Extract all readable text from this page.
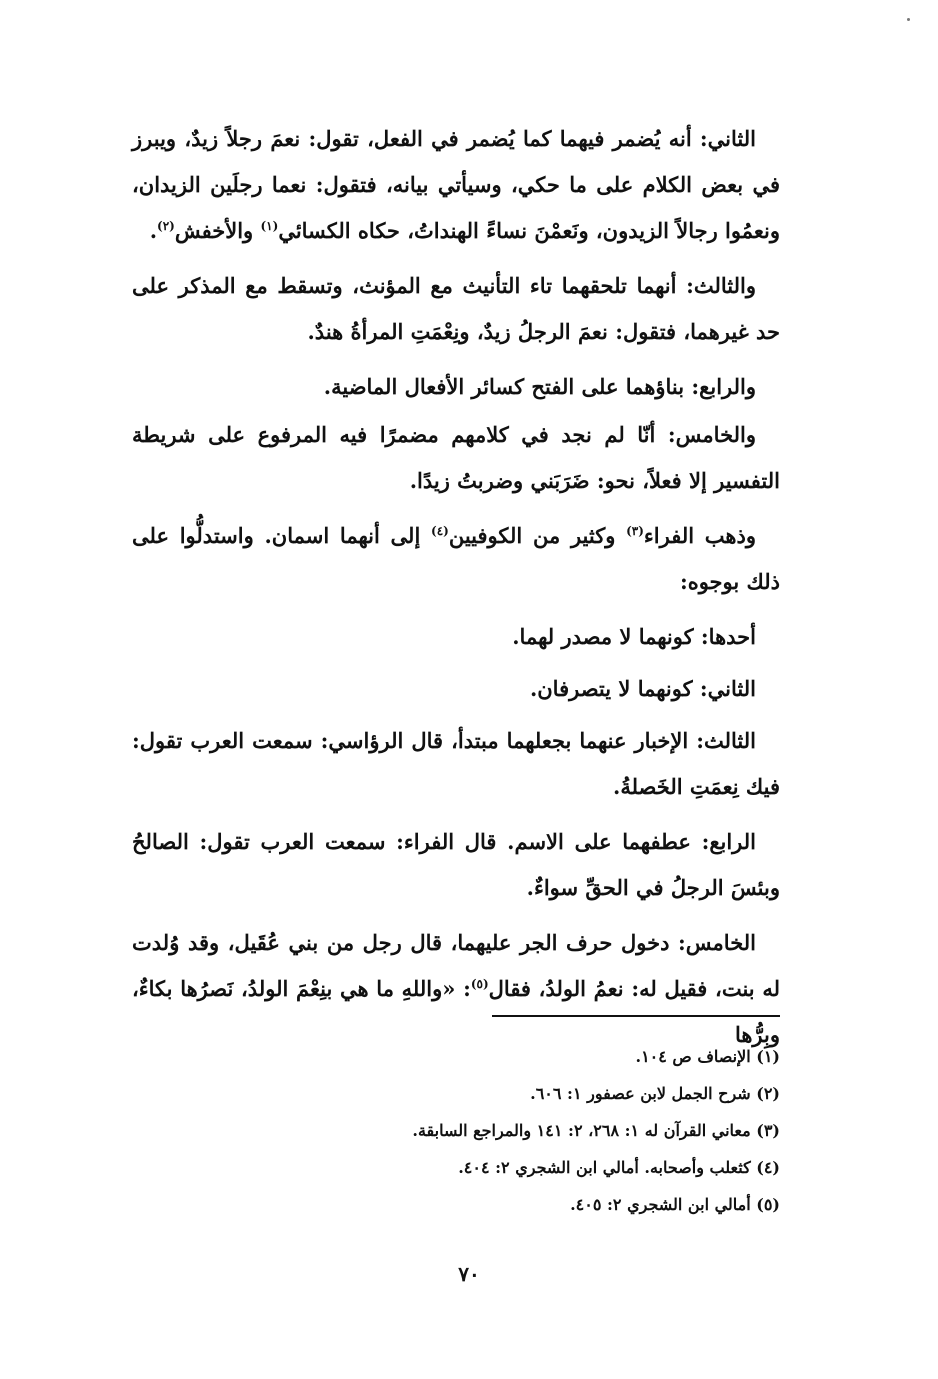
الثاني: أنه يُضمر فيهما كما يُضمر في الفعل، تقول: نعمَ رجلاً زيدٌ، ويبرز في بعض الكلام على ما حكي، وسيأتي بيانه، فتقول: نعما رجلَين الزيدان، ونعمُوا رجالاً الزيدون، ونَعمْنَ نساءً الهنداتُ، حكاه الكسائي$^{(١)}$ والأخفش$^{(٢)}$.

والثالث: أنهما تلحقهما تاء التأنيث مع المؤنث، وتسقط مع المذكر على حد غيرهما، فتقول: نعمَ الرجلُ زيدٌ، ونِعْمَتِ المرأةُ هندٌ.

والرابع: بناؤهما على الفتح كسائر الأفعال الماضية.

والخامس: أنّا لم نجد في كلامهم مضمرًا فيه المرفوع على شريطة التفسير إلا فعلاً، نحو: ضَرَبَني وضربتُ زيدًا.

وذهب الفراء$^{(٣)}$ وكثير من الكوفيين$^{(٤)}$ إلى أنهما اسمان. واستدلُّوا على ذلك بوجوه:

أحدها: كونهما لا مصدر لهما.

الثاني: كونهما لا يتصرفان.

الثالث: الإخبار عنهما بجعلهما مبتدأ، قال الرؤاسي: سمعت العرب تقول: فيك نِعمَتِ الخَصلةُ.

الرابع: عطفهما على الاسم. قال الفراء: سمعت العرب تقول: الصالحُ وبئسَ الرجلُ في الحقِّ سواءٌ.

الخامس: دخول حرف الجر عليهما، قال رجل من بني عُقَيل، وقد وُلدت له بنت، فقيل له: نعمُ الولدُ، فقال$^{(٥)}$: «واللهِ ما هي بنِعْمَ الولدُ، نَصرُها بكاءٌ، وبِرُّها

(١) الإنصاف ص ١٠٤.
(٢) شرح الجمل لابن عصفور ١: ٦٠٦.
(٣) معاني القرآن له ١: ٢٦٨، ٢: ١٤١ والمراجع السابقة.
(٤) كثعلب وأصحابه. أمالي ابن الشجري ٢: ٤٠٤.
(٥) أمالي ابن الشجري ٢: ٤٠٥.
٧٠
